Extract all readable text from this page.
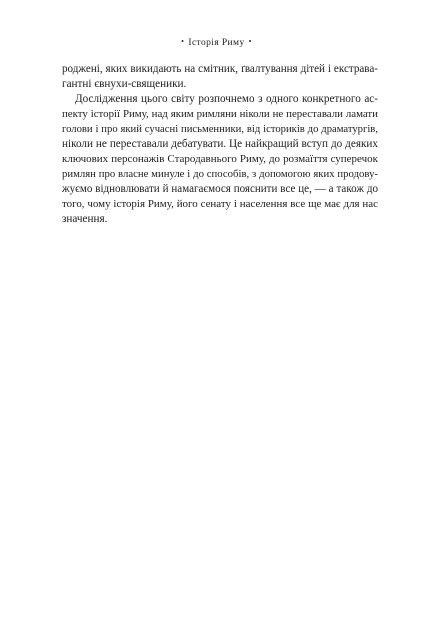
• Історія Риму •
роджені, яких викидають на смітник, ґвалтування дітей і екстрава-
гантні євнухи-священики.
Дослідження цього світу розпочнемо з одного конкретного ас-
пекту історії Риму, над яким римляни ніколи не переставали ламати
голови і про який сучасні письменники, від істориків до драматургів,
ніколи не переставали дебатувати. Це найкращий вступ до деяких
ключових персонажів Стародавнього Риму, до розмаїття суперечок
римлян про власне минуле і до способів, з допомогою яких продову-
жуємо відновлювати й намагаємося пояснити все це, — а також до
того, чому історія Риму, його сенату і населення все ще має для нас
значення.
